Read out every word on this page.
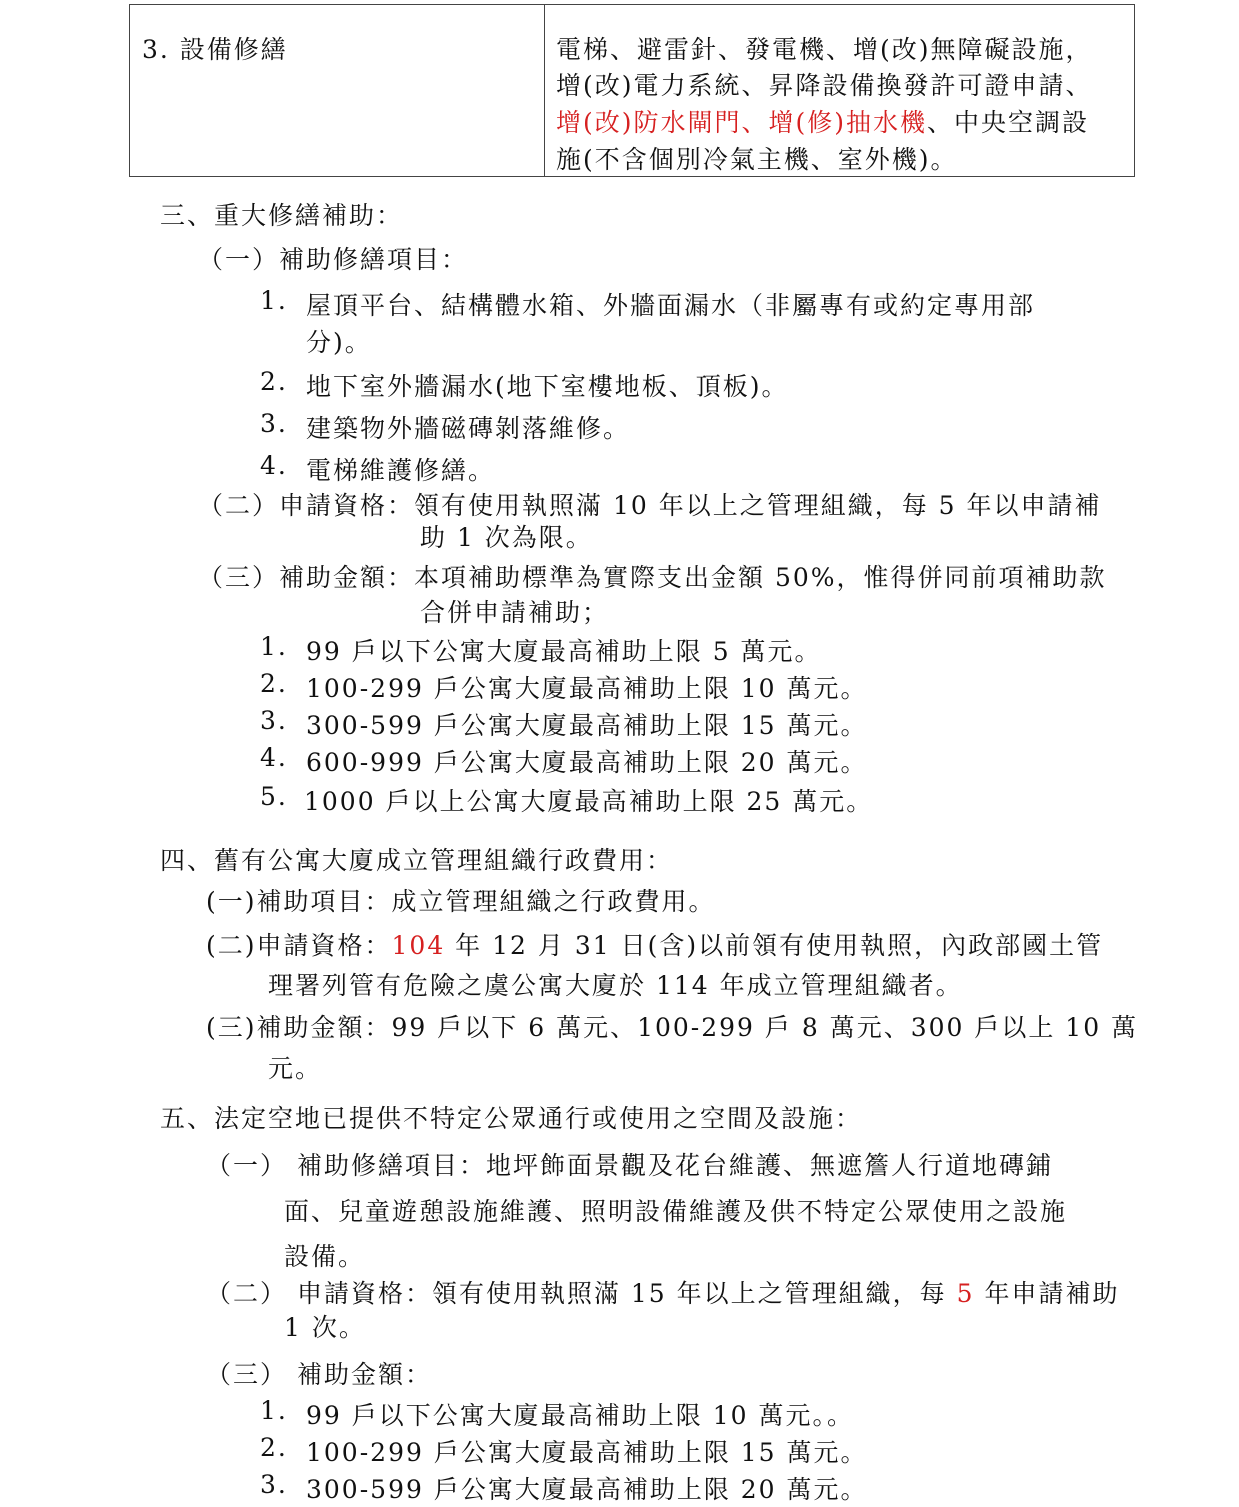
3. 設備修繕	電梯、避雷針、發電機、增(改)無障礙設施，
增(改)電力系統、昇降設備換發許可證申請、
增(改)防水閘門、增(修)抽水機、中央空調設
施(不含個別冷氣主機、室外機)。
三、重大修繕補助：
（一）補助修繕項目：
1. 屋頂平台、結構體水箱、外牆面漏水（非屬專有或約定專用部
分)。
2. 地下室外牆漏水(地下室樓地板、頂板)。
3. 建築物外牆磁磚剝落維修。
4. 電梯維護修繕。
（二）申請資格：領有使用執照滿 10 年以上之管理組織，每 5 年以申請補
助 1 次為限。
（三）補助金額：本項補助標準為實際支出金額 50%，惟得併同前項補助款
合併申請補助；
1. 99 戶以下公寓大廈最高補助上限 5 萬元。
2. 100-299 戶公寓大廈最高補助上限 10 萬元。
3. 300-599 戶公寓大廈最高補助上限 15 萬元。
4. 600-999 戶公寓大廈最高補助上限 20 萬元。
5. 1000 戶以上公寓大廈最高補助上限 25 萬元。
四、舊有公寓大廈成立管理組織行政費用：
(一)補助項目：成立管理組織之行政費用。
(二)申請資格：104 年 12 月 31 日(含)以前領有使用執照，內政部國土管
理署列管有危險之虞公寓大廈於 114 年成立管理組織者。
(三)補助金額：99 戶以下 6 萬元、100-299 戶 8 萬元、300 戶以上 10 萬
元。
五、法定空地已提供不特定公眾通行或使用之空間及設施：
（一） 補助修繕項目：地坪飾面景觀及花台維護、無遮簷人行道地磚鋪
面、兒童遊憩設施維護、照明設備維護及供不特定公眾使用之設施
設備。
（二） 申請資格：領有使用執照滿 15 年以上之管理組織，每 5 年申請補助
1 次。
（三） 補助金額：
1. 99 戶以下公寓大廈最高補助上限 10 萬元。。
2. 100-299 戶公寓大廈最高補助上限 15 萬元。
3. 300-599 戶公寓大廈最高補助上限 20 萬元。
